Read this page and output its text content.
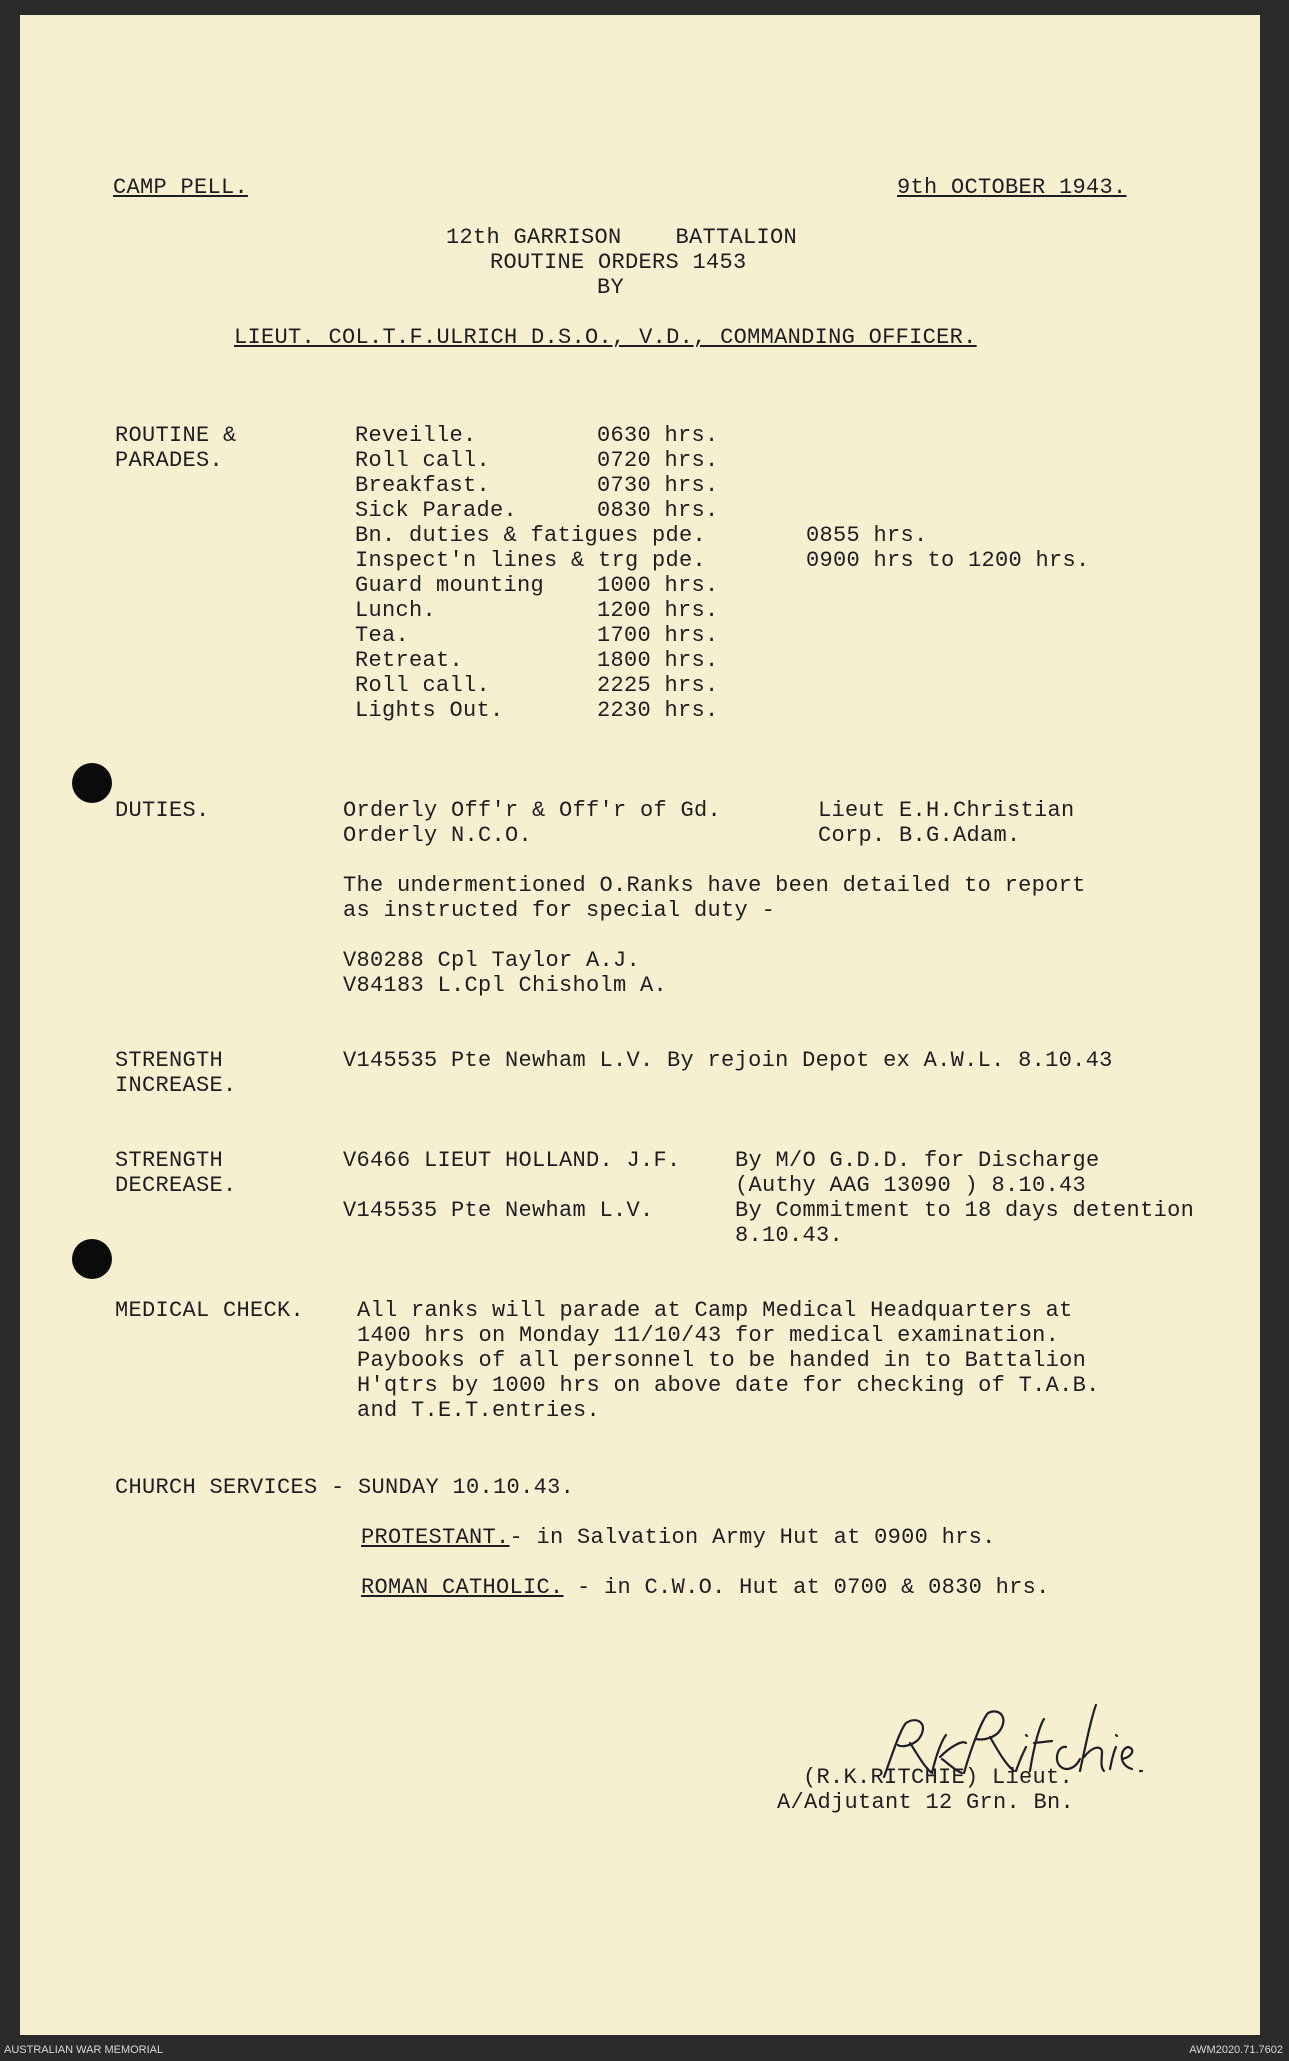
CAMP PELL.	9th OCTOBER 1943.
12th GARRISON    BATTALION
ROUTINE ORDERS 1453
BY
LIEUT. COL.T.F.ULRICH D.S.O., V.D., COMMANDING OFFICER.
ROUTINE &
PARADES.
Reveille.	0630 hrs.
Roll call.	0720 hrs.
Breakfast.	0730 hrs.
Sick Parade.	0830 hrs.
Bn. duties & fatigues pde.	0855 hrs.
Inspect'n lines & trg pde.	0900 hrs to 1200 hrs.
Guard mounting 1000 hrs.
Lunch.	1200 hrs.
Tea.	1700 hrs.
Retreat.	1800 hrs.
Roll call.	2225 hrs.
Lights Out.	2230 hrs.
DUTIES.	Orderly Off'r & Off'r of Gd.	Lieut E.H.Christian
Orderly N.C.O.	Corp. B.G.Adam.
The undermentioned O.Ranks have been detailed to report
as instructed for special duty -
V80288 Cpl Taylor A.J.
V84183 L.Cpl Chisholm A.
STRENGTH
INCREASE.
V145535 Pte Newham L.V. By rejoin Depot ex A.W.L. 8.10.43
STRENGTH
DECREASE.
V6466 LIEUT HOLLAND. J.F. By M/O G.D.D. for Discharge
(Authy AAG 13090 ) 8.10.43
V145535 Pte Newham L.V.	By Commitment to 18 days detention
8.10.43.
MEDICAL CHECK. All ranks will parade at Camp Medical Headquarters at
1400 hrs on Monday 11/10/43 for medical examination.
Paybooks of all personnel to be handed in to Battalion
H'qtrs by 1000 hrs on above date for checking of T.A.B.
and T.E.T.entries.
CHURCH SERVICES - SUNDAY 10.10.43.
PROTESTANT.- in Salvation Army Hut at 0900 hrs.
ROMAN CATHOLIC. - in C.W.O. Hut at 0700 & 0830 hrs.
(R.K.RITCHIE) Lieut.
A/Adjutant 12 Grn. Bn.
AUSTRALIAN WAR MEMORIAL	AWM2020.71.7602
